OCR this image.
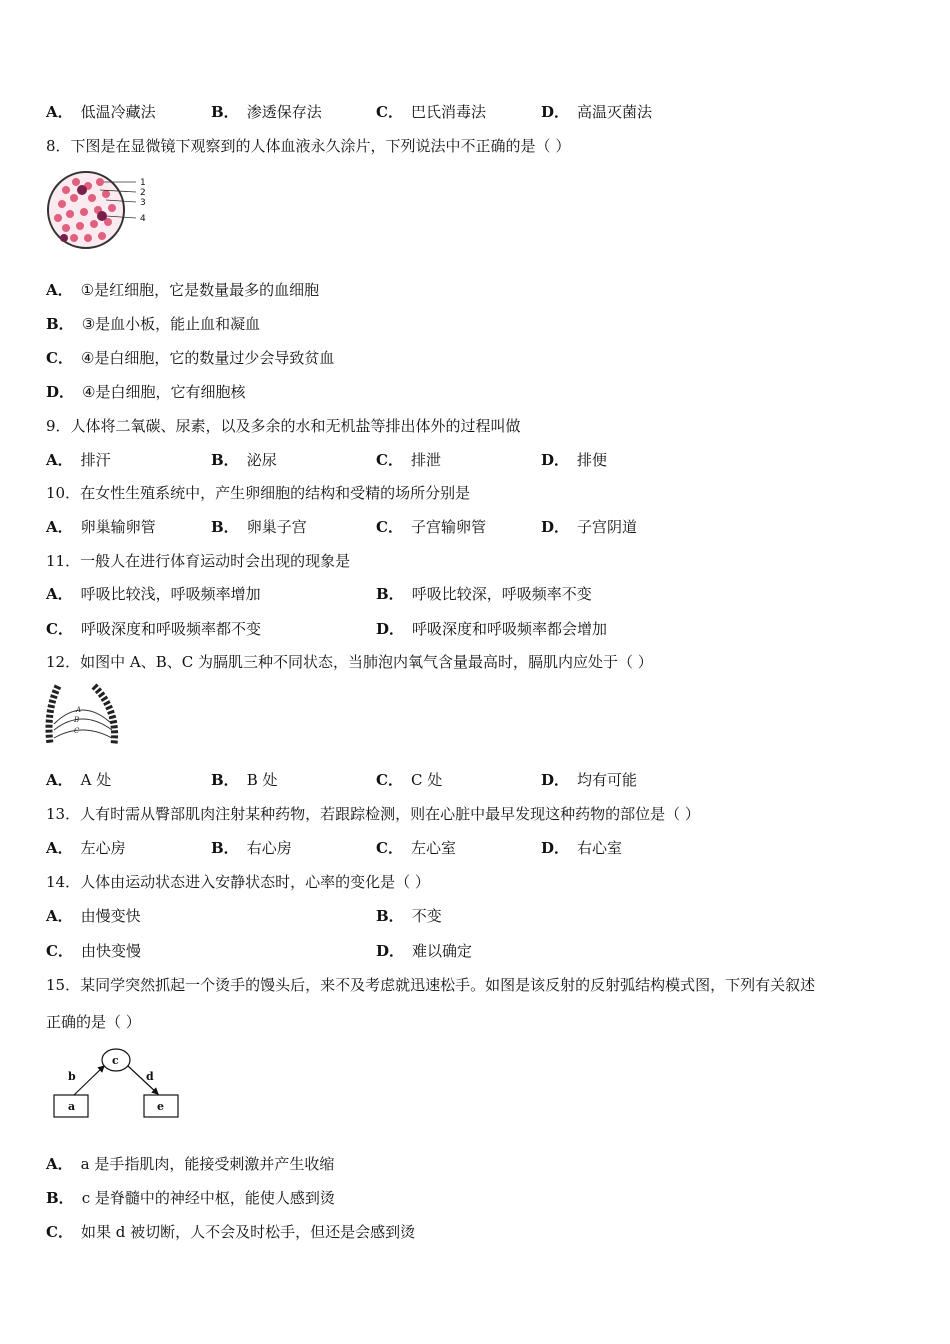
A． 低温冷藏法	B． 渗透保存法	C． 巴氏消毒法	D． 高温灭菌法
8．下图是在显微镜下观察到的人体血液永久涂片，下列说法中不正确的是（ ）
1
2
3
4
A． ①是红细胞，它是数量最多的血细胞
B． ③是血小板，能止血和凝血
C． ④是白细胞，它的数量过少会导致贫血
D． ④是白细胞，它有细胞核
9．人体将二氧碳、尿素，以及多余的水和无机盐等排出体外的过程叫做
A． 排汗	B． 泌尿	C． 排泄	D． 排便
10．在女性生殖系统中，产生卵细胞的结构和受精的场所分别是
A． 卵巢输卵管	B． 卵巢子宫	C． 子宫输卵管	D． 子宫阴道
11．一般人在进行体育运动时会出现的现象是
A． 呼吸比较浅，呼吸频率增加	B． 呼吸比较深，呼吸频率不变
C． 呼吸深度和呼吸频率都不变	D． 呼吸深度和呼吸频率都会增加
12．如图中 A、B、C 为膈肌三种不同状态，当肺泡内氧气含量最高时，膈肌内应处于（ ）
A
B
C
A． A 处	B． B 处	C． C 处	D． 均有可能
13．人有时需从臀部肌肉注射某种药物，若跟踪检测，则在心脏中最早发现这种药物的部位是（ ）
A． 左心房	B． 右心房	C． 左心室	D． 右心室
14．人体由运动状态进入安静状态时，心率的变化是（ ）
A． 由慢变快	B． 不变
C． 由快变慢	D． 难以确定
15．某同学突然抓起一个烫手的馒头后，来不及考虑就迅速松手。如图是该反射的反射弧结构模式图，下列有关叙述
正确的是（ ）
c
a	e
b	d
A． a 是手指肌肉，能接受刺激并产生收缩
B． c 是脊髓中的神经中枢，能使人感到烫
C． 如果 d 被切断，人不会及时松手，但还是会感到烫
